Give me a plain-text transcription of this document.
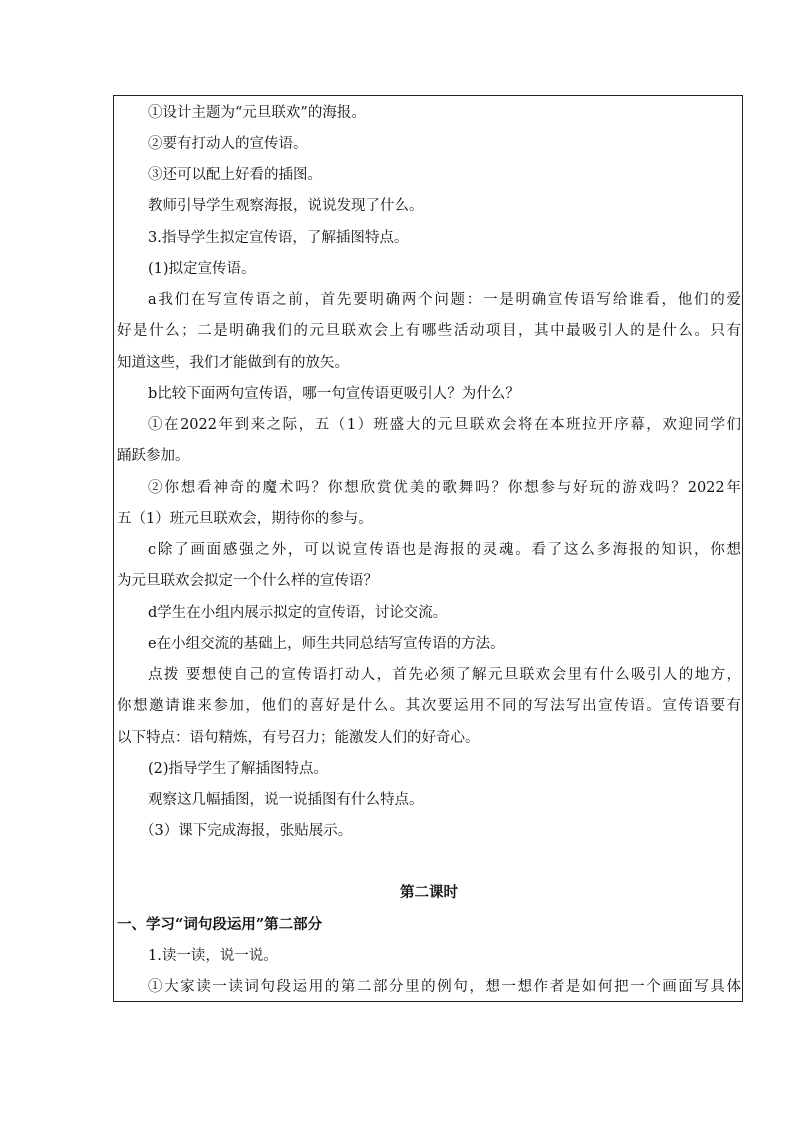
①设计主题为“元旦联欢”的海报。
②要有打动人的宣传语。
③还可以配上好看的插图。
教师引导学生观察海报，说说发现了什么。
3.指导学生拟定宣传语，了解插图特点。
(1)拟定宣传语。
a我们在写宣传语之前，首先要明确两个问题：一是明确宣传语写给谁看，他们的爱
好是什么；二是明确我们的元旦联欢会上有哪些活动项目，其中最吸引人的是什么。只有
知道这些，我们才能做到有的放矢。
b比较下面两句宣传语，哪一句宣传语更吸引人？为什么？
①在2022年到来之际，五（1）班盛大的元旦联欢会将在本班拉开序幕，欢迎同学们
踊跃参加。
②你想看神奇的魔术吗？你想欣赏优美的歌舞吗？你想参与好玩的游戏吗？2022年
五（1）班元旦联欢会，期待你的参与。
c除了画面感强之外，可以说宣传语也是海报的灵魂。看了这么多海报的知识，你想
为元旦联欢会拟定一个什么样的宣传语？
d学生在小组内展示拟定的宣传语，讨论交流。
e在小组交流的基础上，师生共同总结写宣传语的方法。
点拨 要想使自己的宣传语打动人，首先必须了解元旦联欢会里有什么吸引人的地方，
你想邀请谁来参加，他们的喜好是什么。其次要运用不同的写法写出宣传语。宣传语要有
以下特点：语句精炼，有号召力；能激发人们的好奇心。
(2)指导学生了解插图特点。
观察这几幅插图，说一说插图有什么特点。
（3）课下完成海报，张贴展示。
第二课时
一、学习“词句段运用”第二部分
1.读一读，说一说。
①大家读一读词句段运用的第二部分里的例句，想一想作者是如何把一个画面写具体
